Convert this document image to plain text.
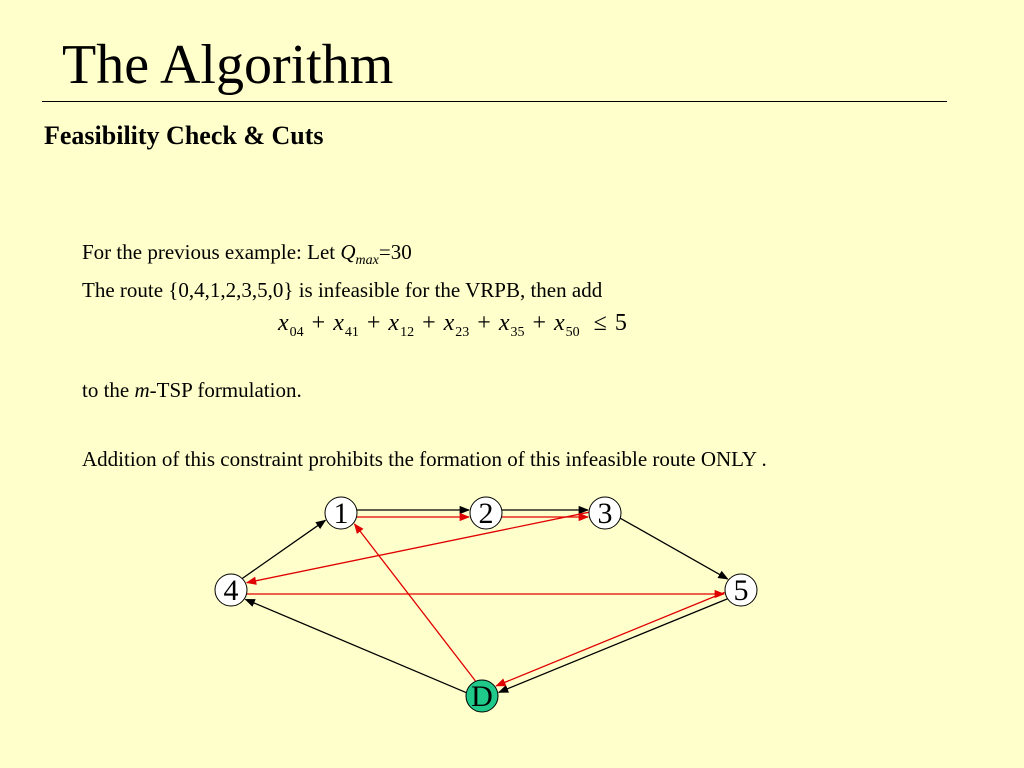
The Algorithm
Feasibility Check & Cuts
For the previous example: Let $Q_{max}=30$
The route {0,4,1,2,3,5,0} is infeasible for the VRPB, then add
$x_{04} + x_{41} + x_{12} + x_{23} + x_{35} + x_{50} \le 5$
to the m-TSP formulation.
Addition of this constraint prohibits the formation of this infeasible route ONLY .
1	2	3
4	5
D
